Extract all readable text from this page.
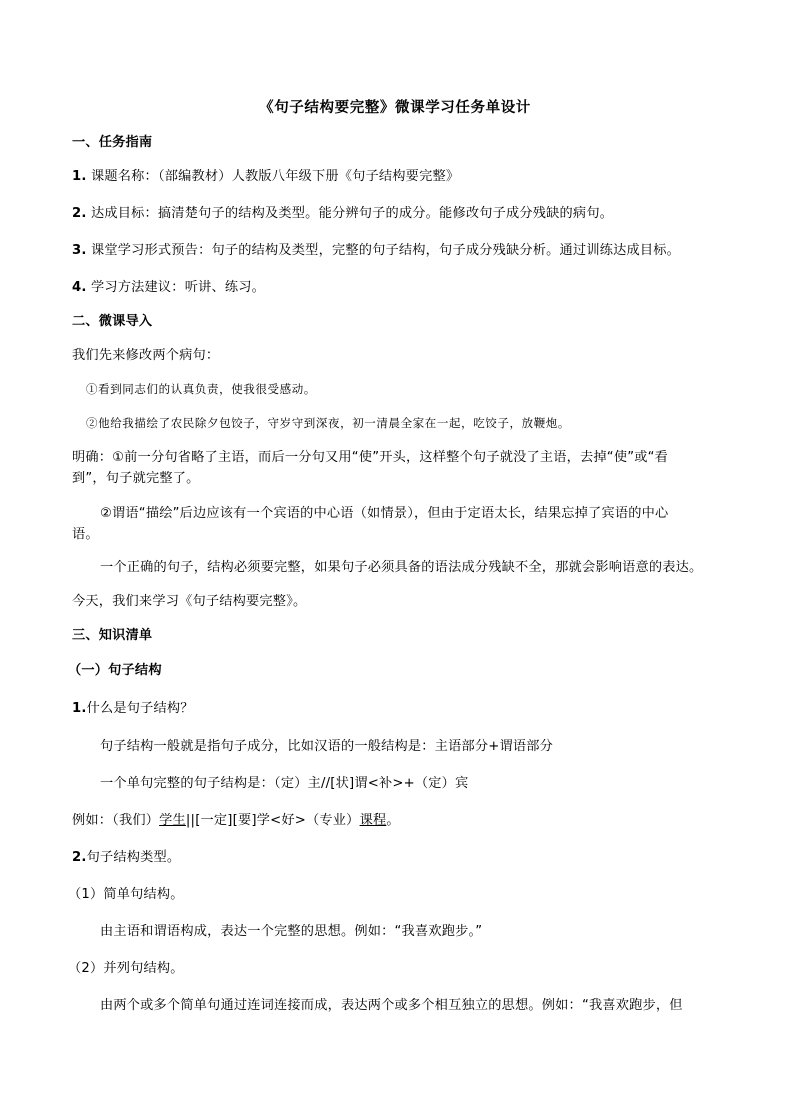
《句子结构要完整》微课学习任务单设计
一、任务指南
1. 课题名称：（部编教材）人教版八年级下册《句子结构要完整》
2. 达成目标：搞清楚句子的结构及类型。能分辨句子的成分。能修改句子成分残缺的病句。
3. 课堂学习形式预告：句子的结构及类型，完整的句子结构，句子成分残缺分析。通过训练达成目标。
4. 学习方法建议：听讲、练习。
二、微课导入
我们先来修改两个病句：
①看到同志们的认真负责，使我很受感动。
②他给我描绘了农民除夕包饺子，守岁守到深夜，初一清晨全家在一起，吃饺子，放鞭炮。
明确：①前一分句省略了主语，而后一分句又用“使”开头，这样整个句子就没了主语，去掉“使”或“看
到”，句子就完整了。
②谓语“描绘”后边应该有一个宾语的中心语（如情景），但由于定语太长，结果忘掉了宾语的中心
语。
一个正确的句子，结构必须要完整，如果句子必须具备的语法成分残缺不全，那就会影响语意的表达。
今天，我们来学习《句子结构要完整》。
三、知识清单
（一）句子结构
1.什么是句子结构？
句子结构一般就是指句子成分，比如汉语的一般结构是：主语部分+谓语部分
一个单句完整的句子结构是：（定）主//[状]谓<补>+（定）宾
例如：（我们）学生||[一定][要]学<好>（专业）课程。
2.句子结构类型。
（1）简单句结构。
由主语和谓语构成，表达一个完整的思想。例如：“我喜欢跑步。”
（2）并列句结构。
由两个或多个简单句通过连词连接而成，表达两个或多个相互独立的思想。例如：“我喜欢跑步，但
